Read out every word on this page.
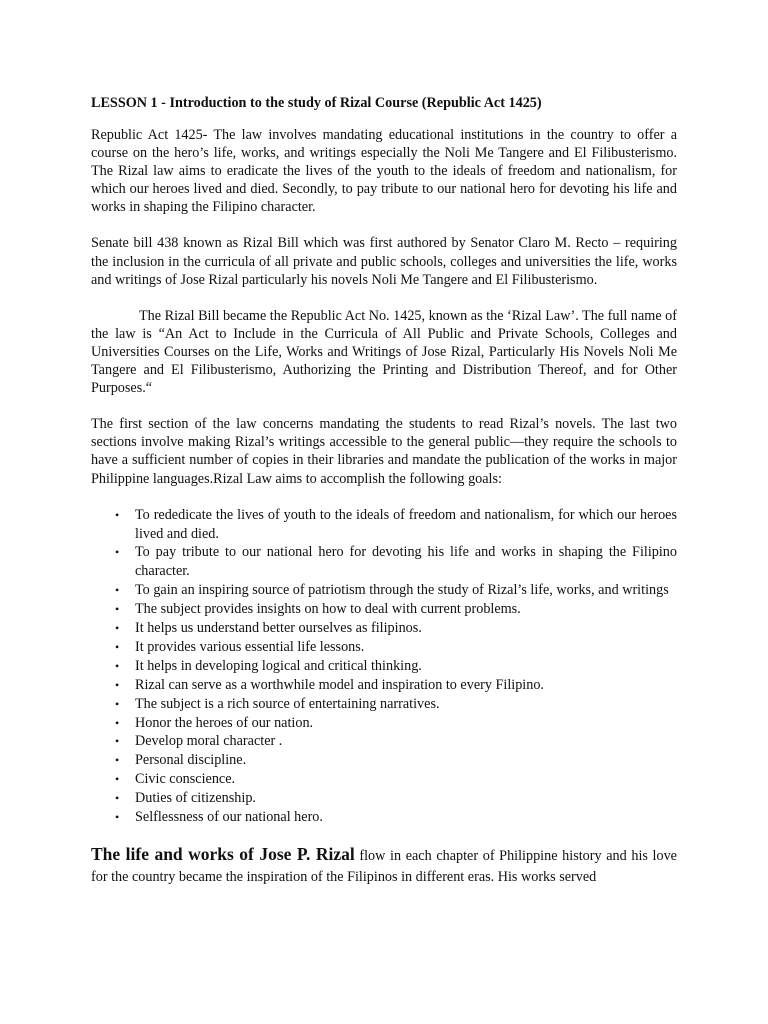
LESSON 1 - Introduction to the study of Rizal Course (Republic Act 1425)

Republic Act 1425- The law involves mandating educational institutions in the country to offer a course on the hero’s life, works, and writings especially the Noli Me Tangere and El Filibusterismo. The Rizal law aims to eradicate the lives of the youth to the ideals of freedom and nationalism, for which our heroes lived and died. Secondly, to pay tribute to our national hero for devoting his life and works in shaping the Filipino character.

Senate bill 438 known as Rizal Bill which was first authored by Senator Claro M. Recto – requiring the inclusion in the curricula of all private and public schools, colleges and universities the life, works and writings of Jose Rizal particularly his novels Noli Me Tangere and El Filibusterismo.

The Rizal Bill became the Republic Act No. 1425, known as the ‘Rizal Law’. The full name of the law is “An Act to Include in the Curricula of All Public and Private Schools, Colleges and Universities Courses on the Life, Works and Writings of Jose Rizal, Particularly His Novels Noli Me Tangere and El Filibusterismo, Authorizing the Printing and Distribution Thereof, and for Other Purposes.“

The first section of the law concerns mandating the students to read Rizal’s novels. The last two sections involve making Rizal’s writings accessible to the general public—they require the schools to have a sufficient number of copies in their libraries and mandate the publication of the works in major Philippine languages.Rizal Law aims to accomplish the following goals:

• To rededicate the lives of youth to the ideals of freedom and nationalism, for which our heroes lived and died.
• To pay tribute to our national hero for devoting his life and works in shaping the Filipino character.
• To gain an inspiring source of patriotism through the study of Rizal’s life, works, and writings
• The subject provides insights on how to deal with current problems.
• It helps us understand better ourselves as filipinos.
• It provides various essential life lessons.
• It helps in developing logical and critical thinking.
• Rizal can serve as a worthwhile model and inspiration to every Filipino.
• The subject is a rich source of entertaining narratives.
• Honor the heroes of our nation.
• Develop moral character .
• Personal discipline.
• Civic conscience.
• Duties of citizenship.
• Selflessness of our national hero.

The life and works of Jose P. Rizal flow in each chapter of Philippine history and his love for the country became the inspiration of the Filipinos in different eras. His works served
